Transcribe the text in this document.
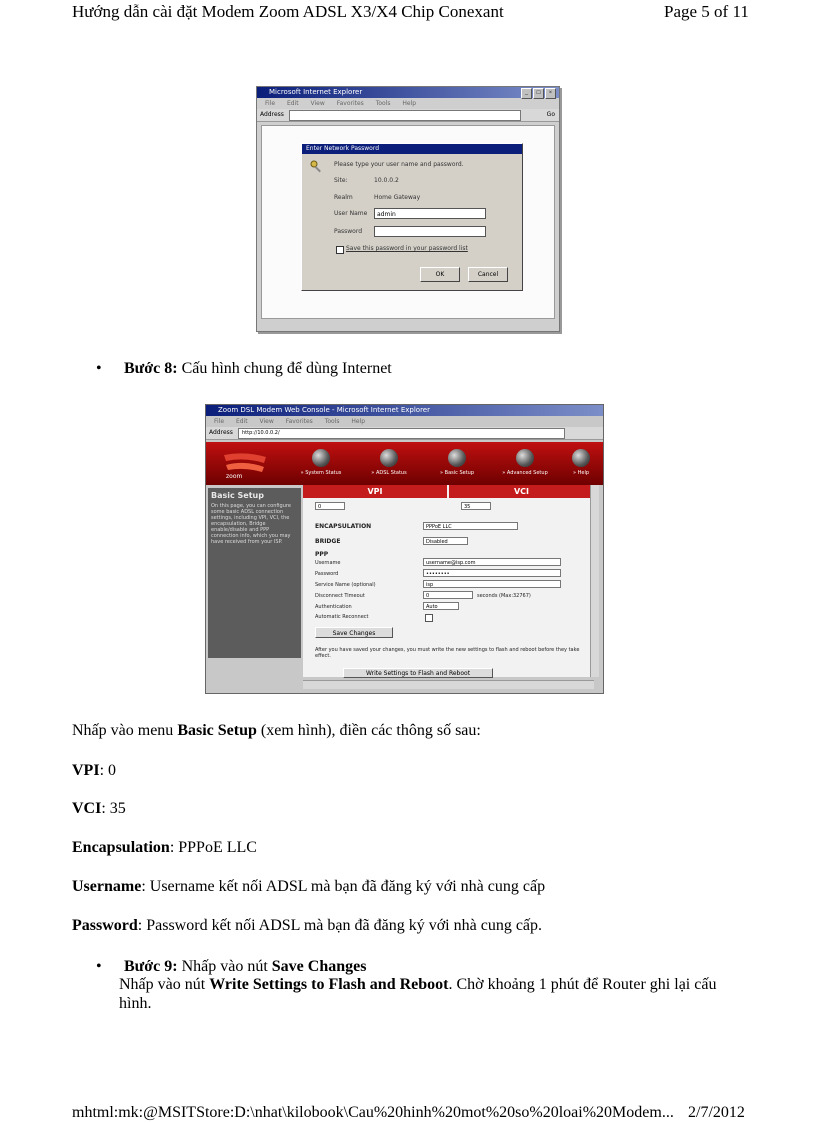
Hướng dẫn cài đặt Modem Zoom ADSL X3/X4 Chip Conexant	Page 5 of 11
Microsoft Internet Explorer	_	□	×
File Edit View Favorites Tools Help
Address	Go
Enter Network Password
Please type your user name and password.
Site:	10.0.0.2
Realm	Home Gateway
User Name	admin
Password
Save this password in your password list
OK	Cancel
• Bước 8: Cấu hình chung để dùng Internet
Zoom DSL Modem Web Console - Microsoft Internet Explorer
File Edit View Favorites Tools Help
Address	http://10.0.0.2/
zoom	» System Status	» ADSL Status	» Basic Setup	» Advanced Setup	» Help
Basic Setup
On this page, you can configure some basic ADSL connection settings, including VPI, VCI, the encapsulation, Bridge enable/disable and PPP connection info, which you may have received from your ISP.
VPI	VCI
0	35
ENCAPSULATION	PPPoE LLC
BRIDGE	Disabled
PPP
Username	username@isp.com
Password	••••••••
Service Name (optional)	isp
Disconnect Timeout	0	seconds (Max:32767)
Authentication	Auto
Automatic Reconnect
Save Changes
After you have saved your changes, you must write the new settings to flash and reboot before they take effect.
Write Settings to Flash and Reboot
Nhấp vào menu Basic Setup (xem hình), điền các thông số sau:
VPI: 0
VCI: 35
Encapsulation: PPPoE LLC
Username: Username kết nối ADSL mà bạn đã đăng ký với nhà cung cấp
Password: Password kết nối ADSL mà bạn đã đăng ký với nhà cung cấp.
• Bước 9: Nhấp vào nút Save Changes
Nhấp vào nút Write Settings to Flash and Reboot. Chờ khoảng 1 phút để Router ghi lại cấu
hình.
mhtml:mk:@MSITStore:D:\nhat\kilobook\Cau%20hinh%20mot%20so%20loai%20Modem... 2/7/2012
